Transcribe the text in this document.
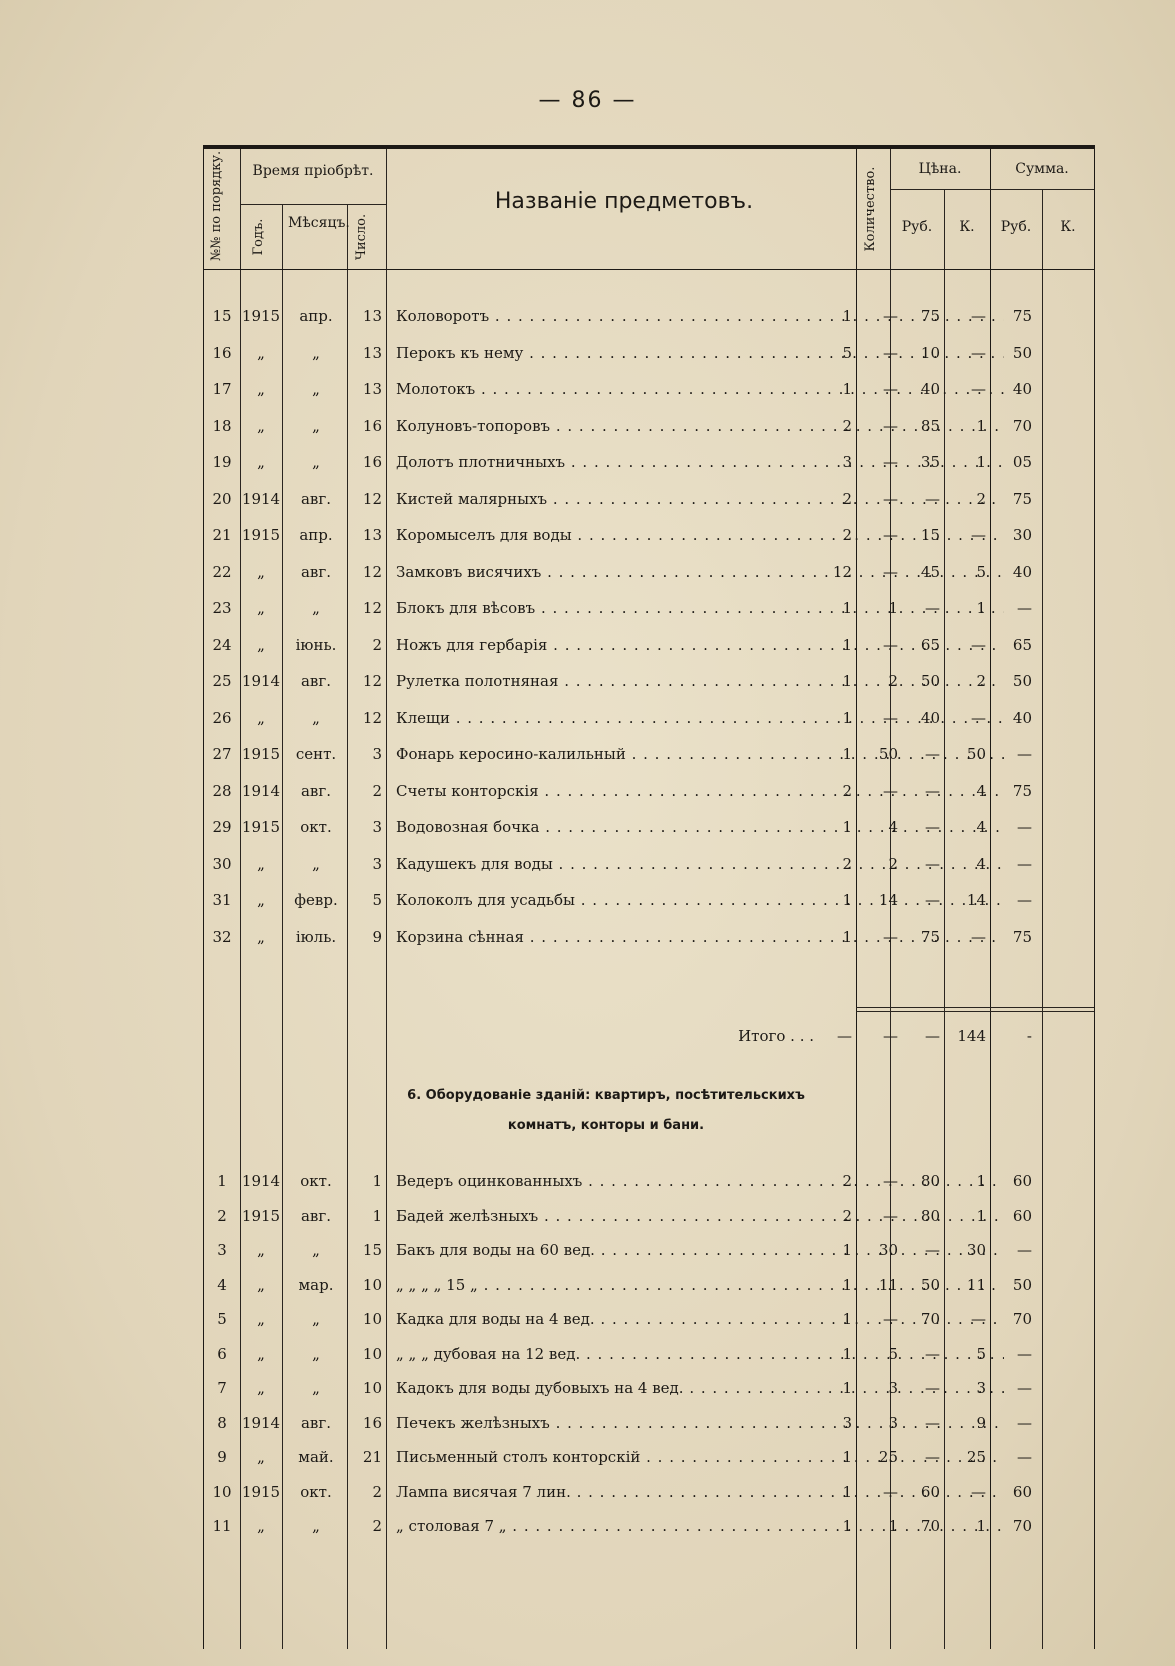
— 86 —
№№ по порядку.	Время пріобрѣт.
Годъ.	Мѣсяцъ. Число.
Названіе предметовъ.	Количество.	Цѣна.	Сумма.
Руб.	К.	Руб.	К.
15 1915	апр.	13 Коловоротъ . . .	1	—	75	—	75
16	„	„	13 Перокъ къ нему . . .	5	—	10	—	50
17	„	„	13 Молотокъ . . .	1	—	40	—	40
18	„	„	16 Колуновъ-топоровъ . . .	2	—	85	1	70
19	„	„	16 Долотъ плотничныхъ . . .	3	—	35	1	05
20 1914	авг.	12 Кистей малярныхъ . . .	2	—	—	2	75
21 1915	апр.	13 Коромыселъ для воды . . .	2	—	15	—	30
22	„	авг.	12 Замковъ висячихъ . . .	12	—	45	5	40
23	„	„	12 Блокъ для вѣсовъ . . .	1	1	—	1	—
24	„	іюнь.	2 Ножъ для гербарія . . .	1	—	65	—	65
25 1914	авг.	12 Рулетка полотняная . . .	1	2	50	2	50
26	„	„	12 Клещи . . .	1	—	40	—	40
27 1915	сент.	3 Фонарь керосино-калильный . . .	1	50	—	50	—
28 1914	авг.	2 Счеты конторскія . . .	2	—	—	4	75
29 1915	окт.	3 Водовозная бочка . . .	1	4	—	4	—
30	„	„	3 Кадушекъ для воды . . .	2	2	—	4	—
31	„	февр.	5 Колоколъ для усадьбы . . .	1	14	—	14	—
32	„	іюль.	9 Корзина сѣнная . . .	1	—	75	—	75
Итого . . .	—	—	—	144	-
6. Оборудованіе зданій: квартиръ, посѣтительскихъ комнатъ, конторы и бани.
1	1914	окт.	1 Ведеръ оцинкованныхъ . . .	2	—	80	1	60
2	1915	авг.	1 Бадей желѣзныхъ . . .	2	—	80	1	60
3	„	„	15 Бакъ для воды на 60 вед. . . .	1	30	—	30	—
4	„	мар.	10 „ „ „ „ 15 „ . . .	1	11	50	11	50
5	„	„	10 Кадка для воды на 4 вед. . . .	1	—	70	—	70
6	„	„	10 „ „ „ дубовая на 12 вед. . . .	1	5	—	5	—
7	„	„	10 Кадокъ для воды дубовыхъ на 4 вед. . . .	1	3	—	3	—
8	1914	авг.	16 Печекъ желѣзныхъ . . .	3	3	—	9	—
9	„	май.	21 Письменный столъ конторскій . . .	1	25	—	25	—
10 1915	окт.	2 Лампа висячая 7 лин. . . .	1	—	60	—	60
11	„	„	2 „ столовая 7 „ . . .	1	1	70	1	70
